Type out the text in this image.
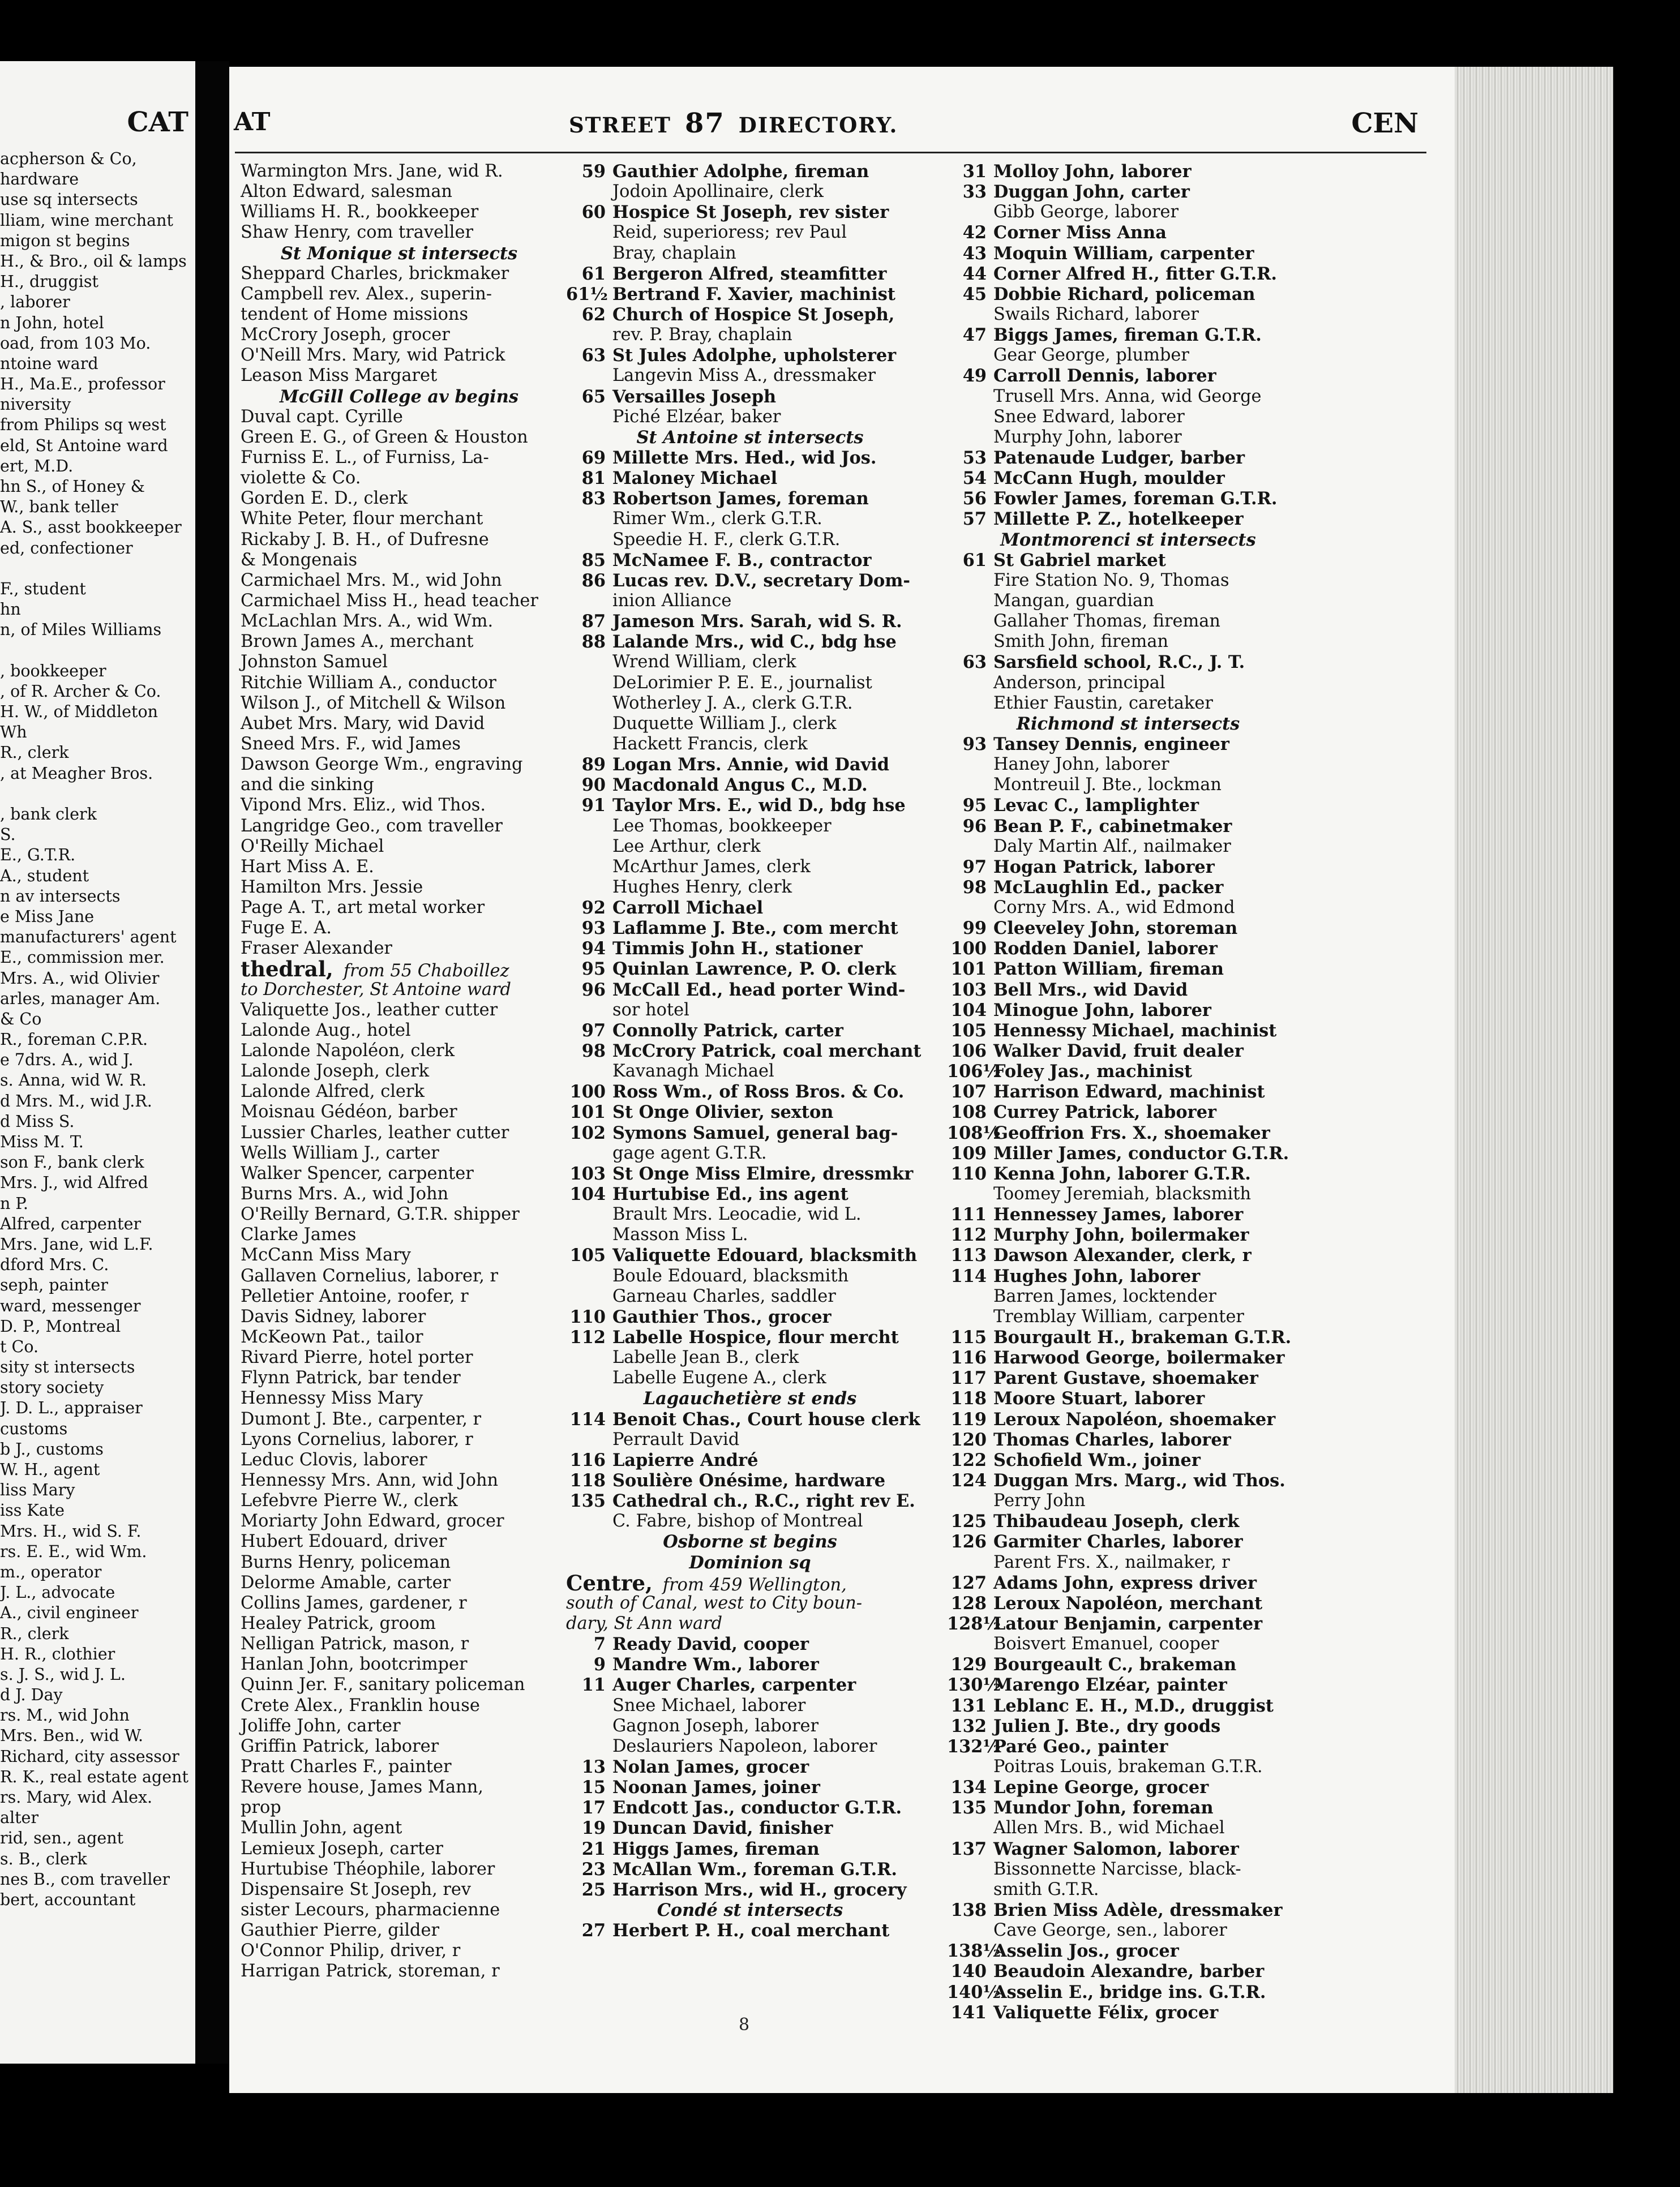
CAT
acpherson & Co,
hardware
use sq intersects
lliam, wine merchant
migon st begins
H., & Bro., oil & lamps
H., druggist
, laborer
n John, hotel
oad, from 103 Mo.
ntoine ward
H., Ma.E., professor
niversity
from Philips sq west
eld, St Antoine ward
ert, M.D.
hn S., of Honey &
W., bank teller
A. S., asst bookkeeper
ed, confectioner
F., student
hn
n, of Miles Williams
, bookkeeper
, of R. Archer & Co.
H. W., of Middleton
Wh
R., clerk
, at Meagher Bros.
, bank clerk
S.
E., G.T.R.
A., student
n av intersects
e Miss Jane
manufacturers' agent
E., commission mer.
Mrs. A., wid Olivier
arles, manager Am.
& Co
R., foreman C.P.R.
e 7drs. A., wid J.
s. Anna, wid W. R.
d Mrs. M., wid J.R.
d Miss S.
Miss M. T.
son F., bank clerk
Mrs. J., wid Alfred
n P.
Alfred, carpenter
Mrs. Jane, wid L.F.
dford Mrs. C.
seph, painter
ward, messenger
D. P., Montreal
t Co.
sity st intersects
story society
J. D. L., appraiser
customs
b J., customs
W. H., agent
liss Mary
iss Kate
Mrs. H., wid S. F.
rs. E. E., wid Wm.
m., operator
J. L., advocate
A., civil engineer
R., clerk
H. R., clothier
s. J. S., wid J. L.
d J. Day
rs. M., wid John
Mrs. Ben., wid W.
Richard, city assessor
R. K., real estate agent
rs. Mary, wid Alex.
alter
rid, sen., agent
s. B., clerk
nes B., com traveller
bert, accountant
AT	STREET 87 DIRECTORY.	CEN
Warmington Mrs. Jane, wid R.
Alton Edward, salesman
Williams H. R., bookkeeper
Shaw Henry, com traveller
St Monique st intersects
Sheppard Charles, brickmaker
Campbell rev. Alex., superin-
tendent of Home missions
McCrory Joseph, grocer
O'Neill Mrs. Mary, wid Patrick
Leason Miss Margaret
McGill College av begins
Duval capt. Cyrille
Green E. G., of Green & Houston
Furniss E. L., of Furniss, La-
violette & Co.
Gorden E. D., clerk
White Peter, flour merchant
Rickaby J. B. H., of Dufresne
& Mongenais
Carmichael Mrs. M., wid John
Carmichael Miss H., head teacher
McLachlan Mrs. A., wid Wm.
Brown James A., merchant
Johnston Samuel
Ritchie William A., conductor
Wilson J., of Mitchell & Wilson
Aubet Mrs. Mary, wid David
Sneed Mrs. F., wid James
Dawson George Wm., engraving
and die sinking
Vipond Mrs. Eliz., wid Thos.
Langridge Geo., com traveller
O'Reilly Michael
Hart Miss A. E.
Hamilton Mrs. Jessie
Page A. T., art metal worker
Fuge E. A.
Fraser Alexander
thedral, from 55 Chaboillez
to Dorchester, St Antoine ward
Valiquette Jos., leather cutter
Lalonde Aug., hotel
Lalonde Napoléon, clerk
Lalonde Joseph, clerk
Lalonde Alfred, clerk
Moisnau Gédéon, barber
Lussier Charles, leather cutter
Wells William J., carter
Walker Spencer, carpenter
Burns Mrs. A., wid John
O'Reilly Bernard, G.T.R. shipper
Clarke James
McCann Miss Mary
Gallaven Cornelius, laborer, r
Pelletier Antoine, roofer, r
Davis Sidney, laborer
McKeown Pat., tailor
Rivard Pierre, hotel porter
Flynn Patrick, bar tender
Hennessy Miss Mary
Dumont J. Bte., carpenter, r
Lyons Cornelius, laborer, r
Leduc Clovis, laborer
Hennessy Mrs. Ann, wid John
Lefebvre Pierre W., clerk
Moriarty John Edward, grocer
Hubert Edouard, driver
Burns Henry, policeman
Delorme Amable, carter
Collins James, gardener, r
Healey Patrick, groom
Nelligan Patrick, mason, r
Hanlan John, bootcrimper
Quinn Jer. F., sanitary policeman
Crete Alex., Franklin house
Joliffe John, carter
Griffin Patrick, laborer
Pratt Charles F., painter
Revere house, James Mann,
prop
Mullin John, agent
Lemieux Joseph, carter
Hurtubise Théophile, laborer
Dispensaire St Joseph, rev
sister Lecours, pharmacienne
Gauthier Pierre, gilder
O'Connor Philip, driver, r
Harrigan Patrick, storeman, r
59 Gauthier Adolphe, fireman
Jodoin Apollinaire, clerk
60 Hospice St Joseph, rev sister
Reid, superioress; rev Paul
Bray, chaplain
61 Bergeron Alfred, steamfitter
61½ Bertrand F. Xavier, machinist
62 Church of Hospice St Joseph,
rev. P. Bray, chaplain
63 St Jules Adolphe, upholsterer
Langevin Miss A., dressmaker
65 Versailles Joseph
Piché Elzéar, baker
St Antoine st intersects
69 Millette Mrs. Hed., wid Jos.
81 Maloney Michael
83 Robertson James, foreman
Rimer Wm., clerk G.T.R.
Speedie H. F., clerk G.T.R.
85 McNamee F. B., contractor
86 Lucas rev. D.V., secretary Dom-
inion Alliance
87 Jameson Mrs. Sarah, wid S. R.
88 Lalande Mrs., wid C., bdg hse
Wrend William, clerk
DeLorimier P. E. E., journalist
Wotherley J. A., clerk G.T.R.
Duquette William J., clerk
Hackett Francis, clerk
89 Logan Mrs. Annie, wid David
90 Macdonald Angus C., M.D.
91 Taylor Mrs. E., wid D., bdg hse
Lee Thomas, bookkeeper
Lee Arthur, clerk
McArthur James, clerk
Hughes Henry, clerk
92 Carroll Michael
93 Laflamme J. Bte., com mercht
94 Timmis John H., stationer
95 Quinlan Lawrence, P. O. clerk
96 McCall Ed., head porter Wind-
sor hotel
97 Connolly Patrick, carter
98 McCrory Patrick, coal merchant
Kavanagh Michael
100 Ross Wm., of Ross Bros. & Co.
101 St Onge Olivier, sexton
102 Symons Samuel, general bag-
gage agent G.T.R.
103 St Onge Miss Elmire, dressmkr
104 Hurtubise Ed., ins agent
Brault Mrs. Leocadie, wid L.
Masson Miss L.
105 Valiquette Edouard, blacksmith
Boule Edouard, blacksmith
Garneau Charles, saddler
110 Gauthier Thos., grocer
112 Labelle Hospice, flour mercht
Labelle Jean B., clerk
Labelle Eugene A., clerk
Lagauchetière st ends
114 Benoit Chas., Court house clerk
Perrault David
116 Lapierre André
118 Soulière Onésime, hardware
135 Cathedral ch., R.C., right rev E.
C. Fabre, bishop of Montreal
Osborne st begins
Dominion sq
Centre, from 459 Wellington,
south of Canal, west to City boun-
dary, St Ann ward
7 Ready David, cooper
9 Mandre Wm., laborer
11 Auger Charles, carpenter
Snee Michael, laborer
Gagnon Joseph, laborer
Deslauriers Napoleon, laborer
13 Nolan James, grocer
15 Noonan James, joiner
17 Endcott Jas., conductor G.T.R.
19 Duncan David, finisher
21 Higgs James, fireman
23 McAllan Wm., foreman G.T.R.
25 Harrison Mrs., wid H., grocery
Condé st intersects
27 Herbert P. H., coal merchant
31 Molloy John, laborer
33 Duggan John, carter
Gibb George, laborer
42 Corner Miss Anna
43 Moquin William, carpenter
44 Corner Alfred H., fitter G.T.R.
45 Dobbie Richard, policeman
Swails Richard, laborer
47 Biggs James, fireman G.T.R.
Gear George, plumber
49 Carroll Dennis, laborer
Trusell Mrs. Anna, wid George
Snee Edward, laborer
Murphy John, laborer
53 Patenaude Ludger, barber
54 McCann Hugh, moulder
56 Fowler James, foreman G.T.R.
57 Millette P. Z., hotelkeeper
Montmorenci st intersects
61 St Gabriel market
Fire Station No. 9, Thomas
Mangan, guardian
Gallaher Thomas, fireman
Smith John, fireman
63 Sarsfield school, R.C., J. T.
Anderson, principal
Ethier Faustin, caretaker
Richmond st intersects
93 Tansey Dennis, engineer
Haney John, laborer
Montreuil J. Bte., lockman
95 Levac C., lamplighter
96 Bean P. F., cabinetmaker
Daly Martin Alf., nailmaker
97 Hogan Patrick, laborer
98 McLaughlin Ed., packer
Corny Mrs. A., wid Edmond
99 Cleeveley John, storeman
100 Rodden Daniel, laborer
101 Patton William, fireman
103 Bell Mrs., wid David
104 Minogue John, laborer
105 Hennessy Michael, machinist
106 Walker David, fruit dealer
106½Foley Jas., machinist
107 Harrison Edward, machinist
108 Currey Patrick, laborer
108½Geoffrion Frs. X., shoemaker
109 Miller James, conductor G.T.R.
110 Kenna John, laborer G.T.R.
Toomey Jeremiah, blacksmith
111 Hennessey James, laborer
112 Murphy John, boilermaker
113 Dawson Alexander, clerk, r
114 Hughes John, laborer
Barren James, locktender
Tremblay William, carpenter
115 Bourgault H., brakeman G.T.R.
116 Harwood George, boilermaker
117 Parent Gustave, shoemaker
118 Moore Stuart, laborer
119 Leroux Napoléon, shoemaker
120 Thomas Charles, laborer
122 Schofield Wm., joiner
124 Duggan Mrs. Marg., wid Thos.
Perry John
125 Thibaudeau Joseph, clerk
126 Garmiter Charles, laborer
Parent Frs. X., nailmaker, r
127 Adams John, express driver
128 Leroux Napoléon, merchant
128½Latour Benjamin, carpenter
Boisvert Emanuel, cooper
129 Bourgeault C., brakeman
130½Marengo Elzéar, painter
131 Leblanc E. H., M.D., druggist
132 Julien J. Bte., dry goods
132½Paré Geo., painter
Poitras Louis, brakeman G.T.R.
134 Lepine George, grocer
135 Mundor John, foreman
Allen Mrs. B., wid Michael
137 Wagner Salomon, laborer
Bissonnette Narcisse, black-
smith G.T.R.
138 Brien Miss Adèle, dressmaker
Cave George, sen., laborer
138½Asselin Jos., grocer
140 Beaudoin Alexandre, barber
140½Asselin E., bridge ins. G.T.R.
141 Valiquette Félix, grocer
8
